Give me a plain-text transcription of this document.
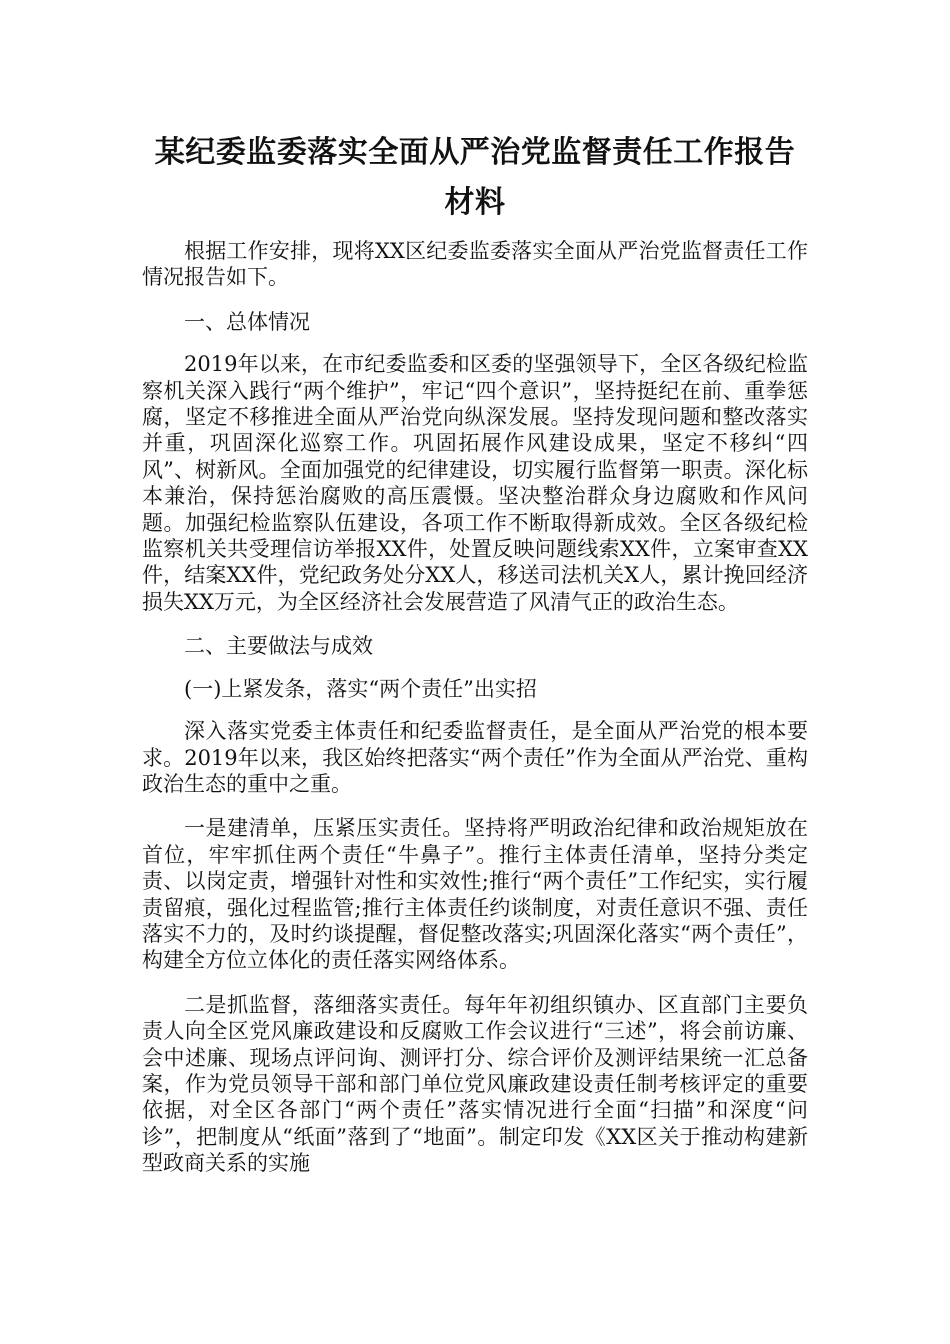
某纪委监委落实全面从严治党监督责任工作报告材料

根据工作安排，现将XX区纪委监委落实全面从严治党监督责任工作情况报告如下。

一、总体情况

2019年以来，在市纪委监委和区委的坚强领导下，全区各级纪检监察机关深入践行“两个维护”，牢记“四个意识”，坚持挺纪在前、重拳惩腐，坚定不移推进全面从严治党向纵深发展。坚持发现问题和整改落实并重，巩固深化巡察工作。巩固拓展作风建设成果，坚定不移纠“四风”、树新风。全面加强党的纪律建设，切实履行监督第一职责。深化标本兼治，保持惩治腐败的高压震慑。坚决整治群众身边腐败和作风问题。加强纪检监察队伍建设，各项工作不断取得新成效。全区各级纪检监察机关共受理信访举报XX件，处置反映问题线索XX件，立案审查XX件，结案XX件，党纪政务处分XX人，移送司法机关X人，累计挽回经济损失XX万元，为全区经济社会发展营造了风清气正的政治生态。

二、主要做法与成效

(一)上紧发条，落实“两个责任”出实招

深入落实党委主体责任和纪委监督责任，是全面从严治党的根本要求。2019年以来，我区始终把落实“两个责任”作为全面从严治党、重构政治生态的重中之重。

一是建清单，压紧压实责任。坚持将严明政治纪律和政治规矩放在首位，牢牢抓住两个责任“牛鼻子”。推行主体责任清单，坚持分类定责、以岗定责，增强针对性和实效性;推行“两个责任”工作纪实，实行履责留痕，强化过程监管;推行主体责任约谈制度，对责任意识不强、责任落实不力的，及时约谈提醒，督促整改落实;巩固深化落实“两个责任”，构建全方位立体化的责任落实网络体系。

二是抓监督，落细落实责任。每年年初组织镇办、区直部门主要负责人向全区党风廉政建设和反腐败工作会议进行“三述”，将会前访廉、会中述廉、现场点评问询、测评打分、综合评价及测评结果统一汇总备案，作为党员领导干部和部门单位党风廉政建设责任制考核评定的重要依据，对全区各部门“两个责任”落实情况进行全面“扫描”和深度“问诊”，把制度从“纸面”落到了“地面”。制定印发《XX区关于推动构建新型政商关系的实施
